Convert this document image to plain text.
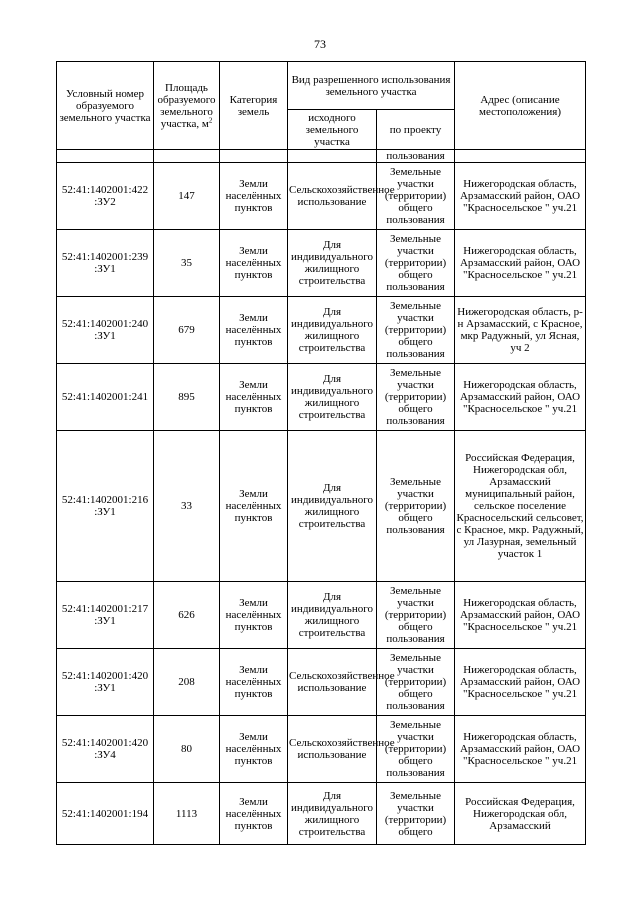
73
Условный номер образуемого земельного участка	Площадь образуемого земельного участка, $м^2$	Категория земель	Вид разрешенного использования земельного участка		Адрес (описание местоположения)
			исходного земельного участка	по проекту	
				пользования	
52:41:1402001:422 :ЗУ2	147	Земли населённых пунктов	Сельскохозяйственное использование	Земельные участки (территории) общего пользования	Нижегородская область, Арзамасский район, ОАО "Красносельское " уч.21
52:41:1402001:239 :ЗУ1	35	Земли населённых пунктов	Для индивидуального жилищного строительства	Земельные участки (территории) общего пользования	Нижегородская область, Арзамасский район, ОАО "Красносельское " уч.21
52:41:1402001:240 :ЗУ1	679	Земли населённых пунктов	Для индивидуального жилищного строительства	Земельные участки (территории) общего пользования	Нижегородская область, р-н Арзамасский, с Красное, мкр Радужный, ул Ясная, уч 2
52:41:1402001:241	895	Земли населённых пунктов	Для индивидуального жилищного строительства	Земельные участки (территории) общего пользования	Нижегородская область, Арзамасский район, ОАО "Красносельское " уч.21
52:41:1402001:216 :ЗУ1	33	Земли населённых пунктов	Для индивидуального жилищного строительства	Земельные участки (территории) общего пользования	Российская Федерация, Нижегородская обл, Арзамасский муниципальный район, сельское поселение Красносельский сельсовет, с Красное, мкр. Радужный, ул Лазурная, земельный участок 1
52:41:1402001:217 :ЗУ1	626	Земли населённых пунктов	Для индивидуального жилищного строительства	Земельные участки (территории) общего пользования	Нижегородская область, Арзамасский район, ОАО "Красносельское " уч.21
52:41:1402001:420 :ЗУ1	208	Земли населённых пунктов	Сельскохозяйственное использование	Земельные участки (территории) общего пользования	Нижегородская область, Арзамасский район, ОАО "Красносельское " уч.21
52:41:1402001:420 :ЗУ4	80	Земли населённых пунктов	Сельскохозяйственное использование	Земельные участки (территории) общего пользования	Нижегородская область, Арзамасский район, ОАО "Красносельское " уч.21
52:41:1402001:194	1113	Земли населённых пунктов	Для индивидуального жилищного строительства	Земельные участки (территории) общего	Российская Федерация, Нижегородская обл, Арзамасский
